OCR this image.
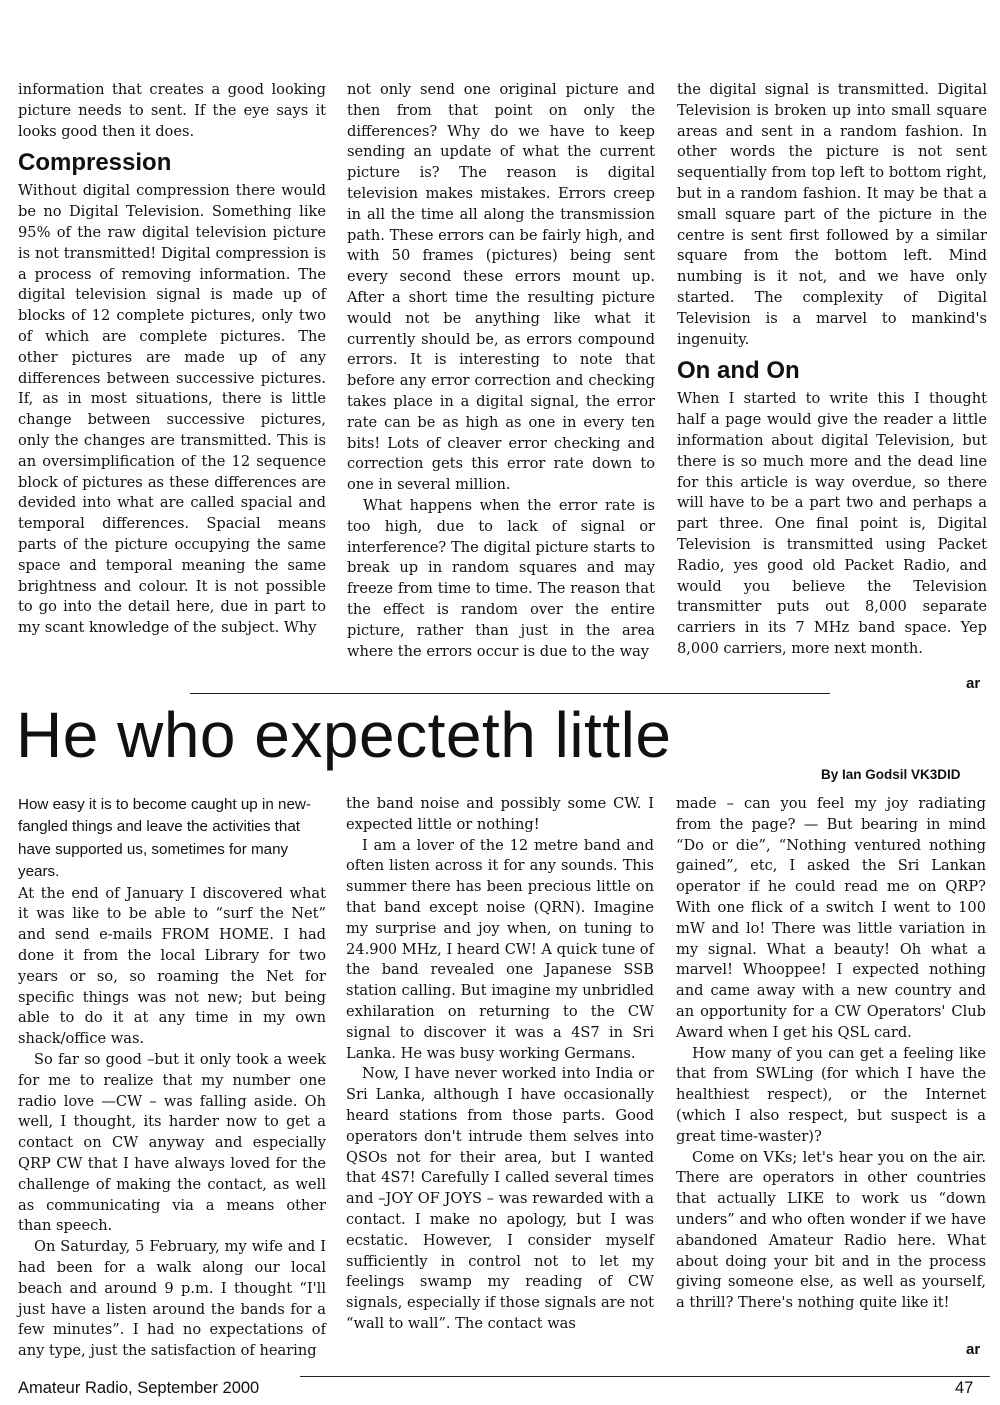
information that creates a good looking picture needs to sent. If the eye says it looks good then it does.

Compression

Without digital compression there would be no Digital Television. Something like 95% of the raw digital television picture is not transmitted! Digital compression is a process of removing information. The digital television signal is made up of blocks of 12 complete pictures, only two of which are complete pictures. The other pictures are made up of any differences between successive pictures. If, as in most situations, there is little change between successive pictures, only the changes are transmitted. This is an oversimplification of the 12 sequence block of pictures as these differences are devided into what are called spacial and temporal differences. Spacial means parts of the picture occupying the same space and temporal meaning the same brightness and colour. It is not possible to go into the detail here, due in part to my scant knowledge of the subject. Why

not only send one original picture and then from that point on only the differences? Why do we have to keep sending an update of what the current picture is? The reason is digital television makes mistakes. Errors creep in all the time all along the transmission path. These errors can be fairly high, and with 50 frames (pictures) being sent every second these errors mount up. After a short time the resulting picture would not be anything like what it currently should be, as errors compound errors. It is interesting to note that before any error correction and checking takes place in a digital signal, the error rate can be as high as one in every ten bits! Lots of cleaver error checking and correction gets this error rate down to one in several million.

What happens when the error rate is too high, due to lack of signal or interference? The digital picture starts to break up in random squares and may freeze from time to time. The reason that the effect is random over the entire picture, rather than just in the area where the errors occur is due to the way

the digital signal is transmitted. Digital Television is broken up into small square areas and sent in a random fashion. In other words the picture is not sent sequentially from top left to bottom right, but in a random fashion. It may be that a small square part of the picture in the centre is sent first followed by a similar square from the bottom left. Mind numbing is it not, and we have only started. The complexity of Digital Television is a marvel to mankind's ingenuity.

On and On

When I started to write this I thought half a page would give the reader a little information about digital Television, but there is so much more and the dead line for this article is way overdue, so there will have to be a part two and perhaps a part three. One final point is, Digital Television is transmitted using Packet Radio, yes good old Packet Radio, and would you believe the Television transmitter puts out 8,000 separate carriers in its 7 MHz band space. Yep 8,000 carriers, more next month.

ar
He who expecteth little
By Ian Godsil VK3DID

How easy it is to become caught up in new-fangled things and leave the activities that have supported us, sometimes for many years.

At the end of January I discovered what it was like to be able to “surf the Net” and send e-mails FROM HOME. I had done it from the local Library for two years or so, so roaming the Net for specific things was not new; but being able to do it at any time in my own shack/office was.

So far so good –but it only took a week for me to realize that my number one radio love —CW – was falling aside. Oh well, I thought, its harder now to get a contact on CW anyway and especially QRP CW that I have always loved for the challenge of making the contact, as well as communicating via a means other than speech.

On Saturday, 5 February, my wife and I had been for a walk along our local beach and around 9 p.m. I thought “I'll just have a listen around the bands for a few minutes”. I had no expectations of any type, just the satisfaction of hearing

the band noise and possibly some CW. I expected little or nothing!

I am a lover of the 12 metre band and often listen across it for any sounds. This summer there has been precious little on that band except noise (QRN). Imagine my surprise and joy when, on tuning to 24.900 MHz, I heard CW! A quick tune of the band revealed one Japanese SSB station calling. But imagine my unbridled exhilaration on returning to the CW signal to discover it was a 4S7 in Sri Lanka. He was busy working Germans.

Now, I have never worked into India or Sri Lanka, although I have occasionally heard stations from those parts. Good operators don't intrude them selves into QSOs not for their area, but I wanted that 4S7! Carefully I called several times and –JOY OF JOYS – was rewarded with a contact. I make no apology, but I was ecstatic. However, I consider myself sufficiently in control not to let my feelings swamp my reading of CW signals, especially if those signals are not “wall to wall”. The contact was

made – can you feel my joy radiating from the page? — But bearing in mind “Do or die”, “Nothing ventured nothing gained”, etc, I asked the Sri Lankan operator if he could read me on QRP? With one flick of a switch I went to 100 mW and lo! There was little variation in my signal. What a beauty! Oh what a marvel! Whooppee! I expected nothing and came away with a new country and an opportunity for a CW Operators' Club Award when I get his QSL card.

How many of you can get a feeling like that from SWLing (for which I have the healthiest respect), or the Internet (which I also respect, but suspect is a great time-waster)?

Come on VKs; let's hear you on the air. There are operators in other countries that actually LIKE to work us “down unders” and who often wonder if we have abandoned Amateur Radio here. What about doing your bit and in the process giving someone else, as well as yourself, a thrill? There's nothing quite like it!

ar
Amateur Radio, September 2000	47
